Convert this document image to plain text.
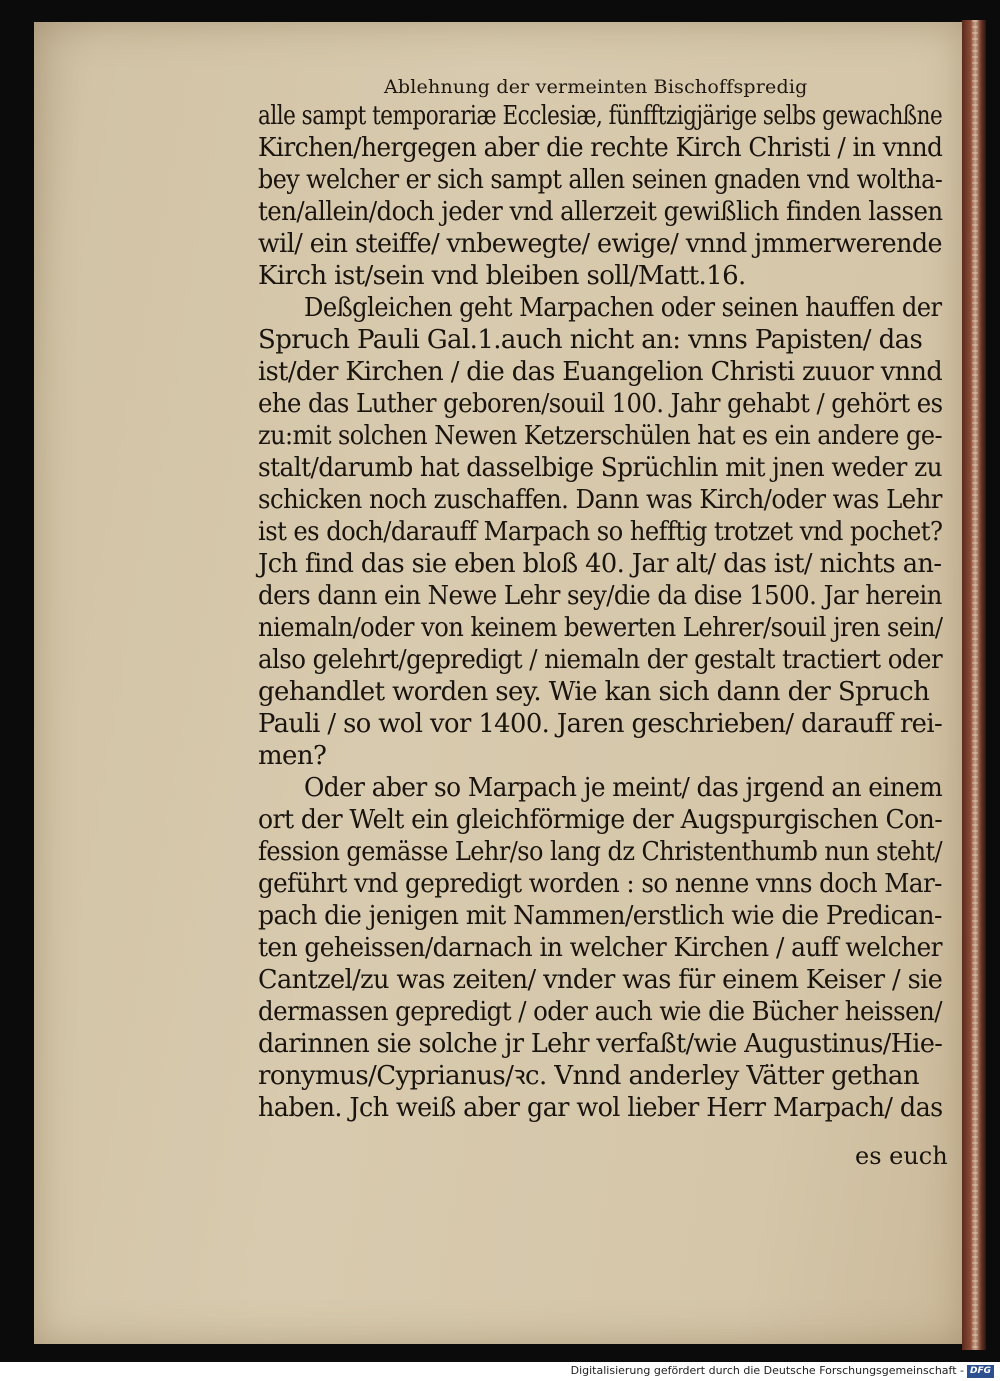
Ablehnung der vermeinten Bischoffspredig
alle sampt temporariæ Ecclesiæ, fünfftzigjärige selbs gewachßne
Kirchen/hergegen aber die rechte Kirch Christi / in vnnd
bey welcher er sich sampt allen seinen gnaden vnd woltha-
ten/allein/doch jeder vnd allerzeit gewißlich finden lassen
wil/ ein steiffe/ vnbewegte/ ewige/ vnnd jmmerwerende
Kirch ist/sein vnd bleiben soll/Matt.16.
Deßgleichen geht Marpachen oder seinen hauffen der
Spruch Pauli Gal.1.auch nicht an: vnns Papisten/ das
ist/der Kirchen / die das Euangelion Christi zuuor vnnd
ehe das Luther geboren/souil 100. Jahr gehabt / gehört es
zu:mit solchen Newen Ketzerschülen hat es ein andere ge-
stalt/darumb hat dasselbige Sprüchlin mit jnen weder zu
schicken noch zuschaffen. Dann was Kirch/oder was Lehr
ist es doch/darauff Marpach so hefftig trotzet vnd pochet?
Jch find das sie eben bloß 40. Jar alt/ das ist/ nichts an-
ders dann ein Newe Lehr sey/die da dise 1500. Jar herein
niemaln/oder von keinem bewerten Lehrer/souil jren sein/
also gelehrt/gepredigt / niemaln der gestalt tractiert oder
gehandlet worden sey. Wie kan sich dann der Spruch
Pauli / so wol vor 1400. Jaren geschrieben/ darauff rei-
men?
Oder aber so Marpach je meint/ das jrgend an einem
ort der Welt ein gleichförmige der Augspurgischen Con-
fession gemässe Lehr/so lang dz Christenthumb nun steht/
geführt vnd gepredigt worden : so nenne vnns doch Mar-
pach die jenigen mit Nammen/erstlich wie die Predican-
ten geheissen/darnach in welcher Kirchen / auff welcher
Cantzel/zu was zeiten/ vnder was für einem Keiser / sie
dermassen gepredigt / oder auch wie die Bücher heissen/
darinnen sie solche jr Lehr verfaßt/wie Augustinus/Hie-
ronymus/Cyprianus/ꝛc. Vnnd anderley Vätter gethan
haben. Jch weiß aber gar wol lieber Herr Marpach/ das
es euch
Digitalisierung gefördert durch die Deutsche Forschungsgemeinschaft - DFG
